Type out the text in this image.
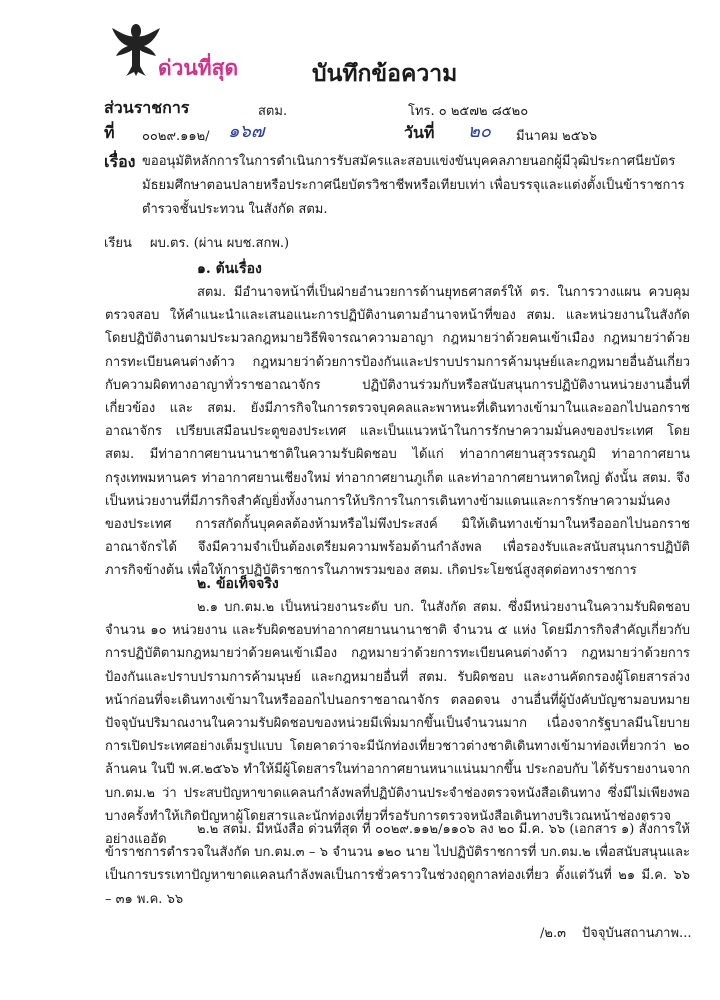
ด่วนที่สุด	บันทึกข้อความ
ส่วนราชการ	สตม.	โทร. ๐ ๒๕๗๒ ๘๕๒๐
ที่ ๐๐๒๙.๑๑๒/ ๑๖๗	วันที่ ๒๐ มีนาคม ๒๕๖๖
เรื่อง ขออนุมัติหลักการในการดำเนินการรับสมัครและสอบแข่งขันบุคคลภายนอกผู้มีวุฒิประกาศนียบัตรมัธยมศึกษาตอนปลายหรือประกาศนียบัตรวิชาชีพหรือเทียบเท่า เพื่อบรรจุและแต่งตั้งเป็นข้าราชการตำรวจชั้นประทวน ในสังกัด สตม.
เรียน ผบ.ตร. (ผ่าน ผบช.สกพ.)
๑. ต้นเรื่อง
สตม. มีอำนาจหน้าที่เป็นฝ่ายอำนวยการด้านยุทธศาสตร์ให้ ตร. ในการวางแผน ควบคุม ตรวจสอบ ให้คำแนะนำและเสนอแนะการปฏิบัติงานตามอำนาจหน้าที่ของ สตม. และหน่วยงานในสังกัด โดยปฏิบัติงานตามประมวลกฎหมายวิธีพิจารณาความอาญา กฎหมายว่าด้วยคนเข้าเมือง กฎหมายว่าด้วยการทะเบียนคนต่างด้าว กฎหมายว่าด้วยการป้องกันและปราบปรามการค้ามนุษย์และกฎหมายอื่นอันเกี่ยวกับความผิดทางอาญาทั่วราชอาณาจักร ปฏิบัติงานร่วมกับหรือสนับสนุนการปฏิบัติงานหน่วยงานอื่นที่เกี่ยวข้อง และ สตม. ยังมีภารกิจในการตรวจบุคคลและพาหนะที่เดินทางเข้ามาในและออกไปนอกราชอาณาจักร เปรียบเสมือนประตูของประเทศ และเป็นแนวหน้าในการรักษาความมั่นคงของประเทศ โดย สตม. มีท่าอากาศยานนานาชาติในความรับผิดชอบ ได้แก่ ท่าอากาศยานสุวรรณภูมิ ท่าอากาศยานกรุงเทพมหานคร ท่าอากาศยานเชียงใหม่ ท่าอากาศยานภูเก็ต และท่าอากาศยานหาดใหญ่ ดังนั้น สตม. จึงเป็นหน่วยงานที่มีภารกิจสำคัญยิ่งทั้งงานการให้บริการในการเดินทางข้ามแดนและการรักษาความมั่นคงของประเทศ การสกัดกั้นบุคคลต้องห้ามหรือไม่พึงประสงค์ มิให้เดินทางเข้ามาในหรือออกไปนอกราชอาณาจักรได้ จึงมีความจำเป็นต้องเตรียมความพร้อมด้านกำลังพล เพื่อรองรับและสนับสนุนการปฏิบัติภารกิจข้างต้น เพื่อให้การปฏิบัติราชการในภาพรวมของ สตม. เกิดประโยชน์สูงสุดต่อทางราชการ
๒. ข้อเท็จจริง
๒.๑ บก.ตม.๒ เป็นหน่วยงานระดับ บก. ในสังกัด สตม. ซึ่งมีหน่วยงานในความรับผิดชอบ จำนวน ๑๐ หน่วยงาน และรับผิดชอบท่าอากาศยานนานาชาติ จำนวน ๕ แห่ง โดยมีภารกิจสำคัญเกี่ยวกับการปฏิบัติตามกฎหมายว่าด้วยคนเข้าเมือง กฎหมายว่าด้วยการทะเบียนคนต่างด้าว กฎหมายว่าด้วยการป้องกันและปราบปรามการค้ามนุษย์ และกฎหมายอื่นที่ สตม. รับผิดชอบ และงานคัดกรองผู้โดยสารล่วงหน้าก่อนที่จะเดินทางเข้ามาในหรือออกไปนอกราชอาณาจักร ตลอดจน งานอื่นที่ผู้บังคับบัญชามอบหมาย ปัจจุบันปริมาณงานในความรับผิดชอบของหน่วยมีเพิ่มมากขึ้นเป็นจำนวนมาก เนื่องจากรัฐบาลมีนโยบายการเปิดประเทศอย่างเต็มรูปแบบ โดยคาดว่าจะมีนักท่องเที่ยวชาวต่างชาติเดินทางเข้ามาท่องเที่ยวกว่า ๒๐ ล้านคน ในปี พ.ศ.๒๕๖๖ ทำให้มีผู้โดยสารในท่าอากาศยานหนาแน่นมากขึ้น ประกอบกับ ได้รับรายงานจาก บก.ตม.๒ ว่า ประสบปัญหาขาดแคลนกำลังพลที่ปฏิบัติงานประจำช่องตรวจหนังสือเดินทาง ซึ่งมีไม่เพียงพอ บางครั้งทำให้เกิดปัญหาผู้โดยสารและนักท่องเที่ยวที่รอรับการตรวจหนังสือเดินทางบริเวณหน้าช่องตรวจอย่างแออัด
๒.๒ สตม. มีหนังสือ ด่วนที่สุด ที่ ๐๐๒๙.๑๑๒/๑๑๐๖ ลง ๒๐ มี.ค. ๖๖ (เอกสาร ๑) สั่งการให้ข้าราชการตำรวจในสังกัด บก.ตม.๓ – ๖ จำนวน ๑๒๐ นาย ไปปฏิบัติราชการที่ บก.ตม.๒ เพื่อสนับสนุนและเป็นการบรรเทาปัญหาขาดแคลนกำลังพลเป็นการชั่วคราวในช่วงฤดูกาลท่องเที่ยว ตั้งแต่วันที่ ๒๑ มี.ค. ๖๖ – ๓๑ พ.ค. ๖๖
/๒.๓ ปัจจุบันสถานภาพ...
